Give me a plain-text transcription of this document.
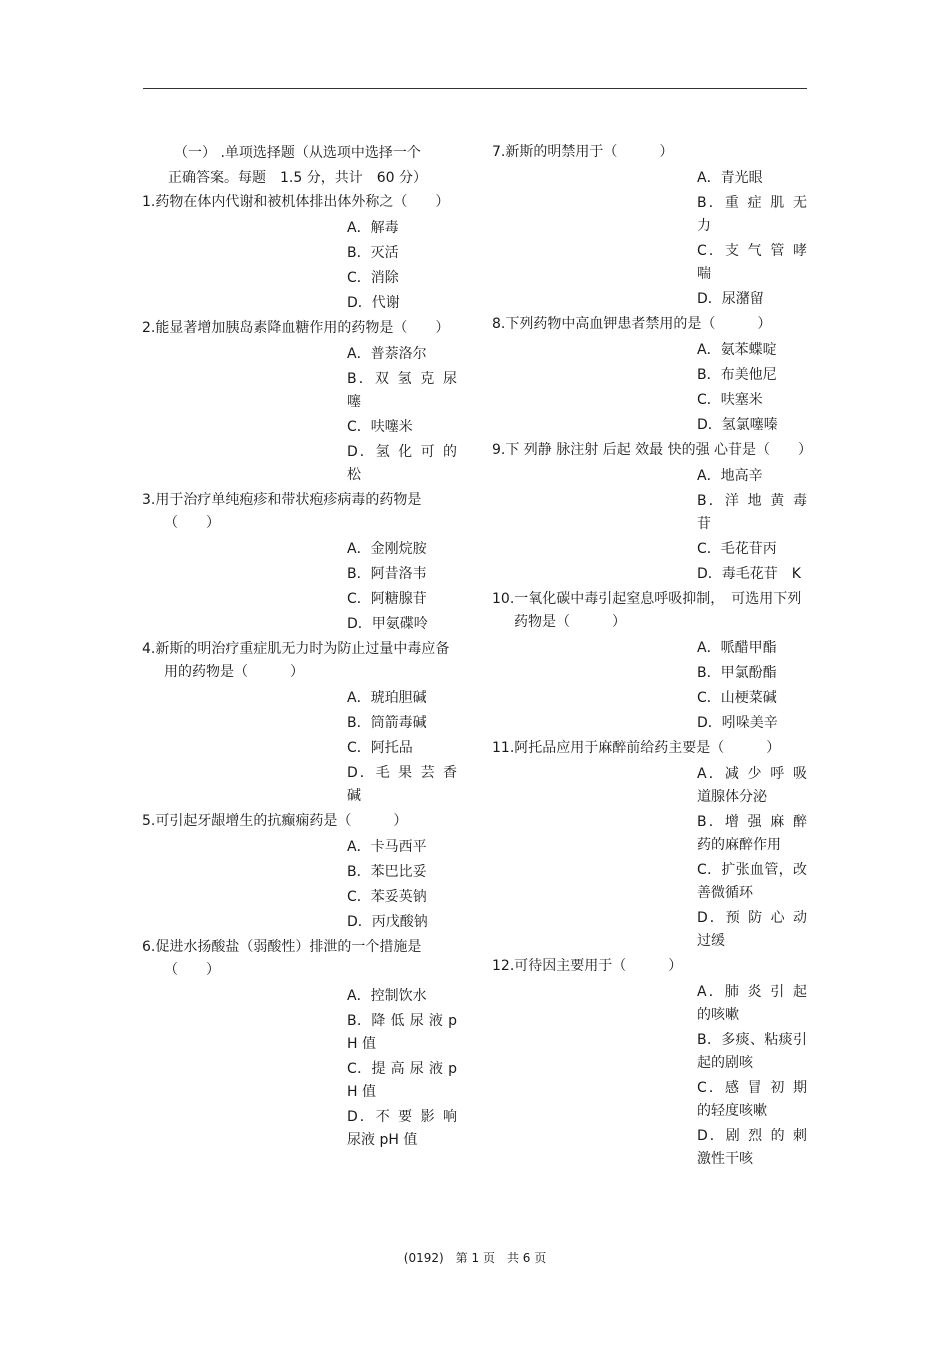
（一） .单项选择题（从选项中选择一个
正确答案。每题　1.5 分，共计　60 分）

1.药物在体内代谢和被机体排出体外称之（　　）

A．解毒
B．灭活
C．消除
D．代谢

2.能显著增加胰岛素降血糖作用的药物是（　　）

A．普萘洛尔
B．双 氢 克 尿 噻
C．呋噻米
D．氢 化 可 的 松

3.用于治疗单纯疱疹和带状疱疹病毒的药物是（　　）

A．金刚烷胺
B．阿昔洛韦
C．阿糖腺苷
D．甲氨碟呤

4.新斯的明治疗重症肌无力时为防止过量中毒应备用的药物是（　　　）

A．琥珀胆碱
B．筒箭毒碱
C．阿托品
D．毛 果 芸 香 碱

5.可引起牙龈增生的抗癫痫药是（　　　）

A．卡马西平
B．苯巴比妥
C．苯妥英钠
D．丙戊酸钠

6.促进水扬酸盐（弱酸性）排泄的一个措施是（　　）

A．控制饮水
B．降 低 尿 液 pH 值
C．提 高 尿 液 pH 值
D．不 要 影 响 尿液 pH 值

7.新斯的明禁用于（　　　）

A．青光眼
B．重 症 肌 无 力
C．支 气 管 哮 喘
D．尿潴留

8.下列药物中高血钾患者禁用的是（　　　）

A．氨苯蝶啶
B．布美他尼
C．呋塞米
D．氢氯噻嗪

9.下 列静 脉注射 后起 效最 快的强 心苷是（　　）

A．地高辛
B．洋 地 黄 毒 苷
C．毛花苷丙
D．毒毛花苷　K

10.一氧化碳中毒引起窒息呼吸抑制，　可选用下列药物是（　　　）

A．哌醋甲酯
B．甲氯酚酯
C．山梗菜碱
D．吲哚美辛

11.阿托品应用于麻醉前给药主要是（　　　）

A．减 少 呼 吸 道腺体分泌
B．增 强 麻 醉 药的麻醉作用
C．扩张血管，改善微循环
D．预 防 心 动 过缓

12.可待因主要用于（　　　）

A．肺 炎 引 起 的咳嗽
B．多痰、粘痰引起的剧咳
C．感 冒 初 期 的轻度咳嗽
D．剧 烈 的 刺 激性干咳
(0192)　第 1 页　共 6 页
